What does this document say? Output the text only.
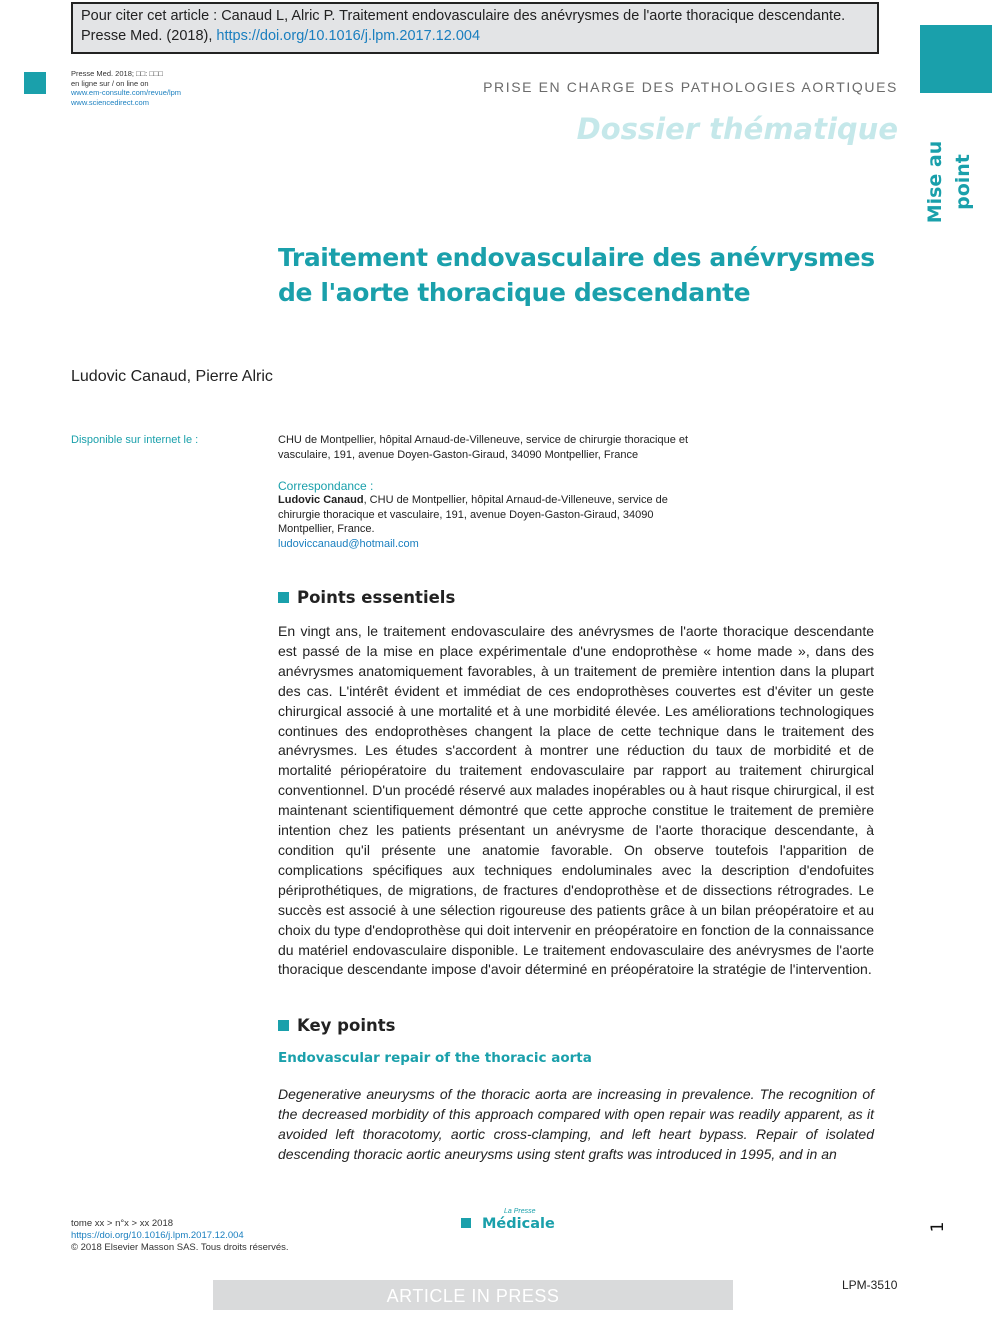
Pour citer cet article : Canaud L, Alric P. Traitement endovasculaire des anévrysmes de l'aorte thoracique descendante. Presse Med. (2018), https://doi.org/10.1016/j.lpm.2017.12.004
Presse Med. 2018; □□: □□□
en ligne sur / on line on
www.em-consulte.com/revue/lpm
www.sciencedirect.com
Mise au point
PRISE EN CHARGE DES PATHOLOGIES AORTIQUES
Dossier thématique
Traitement endovasculaire des anévrysmes de l'aorte thoracique descendante
Ludovic Canaud, Pierre Alric
Disponible sur internet le :	CHU de Montpellier, hôpital Arnaud-de-Villeneuve, service de chirurgie thoracique et vasculaire, 191, avenue Doyen-Gaston-Giraud, 34090 Montpellier, France
Correspondance :
Ludovic Canaud, CHU de Montpellier, hôpital Arnaud-de-Villeneuve, service de chirurgie thoracique et vasculaire, 191, avenue Doyen-Gaston-Giraud, 34090 Montpellier, France.
ludoviccanaud@hotmail.com
Points essentiels
En vingt ans, le traitement endovasculaire des anévrysmes de l'aorte thoracique descendante est passé de la mise en place expérimentale d'une endoprothèse « home made », dans des anévrysmes anatomiquement favorables, à un traitement de première intention dans la plupart des cas. L'intérêt évident et immédiat de ces endoprothèses couvertes est d'éviter un geste chirurgical associé à une mortalité et à une morbidité élevée. Les améliorations technologiques continues des endoprothèses changent la place de cette technique dans le traitement des anévrysmes. Les études s'accordent à montrer une réduction du taux de morbidité et de mortalité périopératoire du traitement endovasculaire par rapport au traitement chirurgical conventionnel. D'un procédé réservé aux malades inopérables ou à haut risque chirurgical, il est maintenant scientifiquement démontré que cette approche constitue le traitement de première intention chez les patients présentant un anévrysme de l'aorte thoracique descendante, à condition qu'il présente une anatomie favorable. On observe toutefois l'apparition de complications spécifiques aux techniques endoluminales avec la description d'endofuites périprothétiques, de migrations, de fractures d'endoprothèse et de dissections rétrogrades. Le succès est associé à une sélection rigoureuse des patients grâce à un bilan préopératoire et au choix du type d'endoprothèse qui doit intervenir en préopératoire en fonction de la connaissance du matériel endovasculaire disponible. Le traitement endovasculaire des anévrysmes de l'aorte thoracique descendante impose d'avoir déterminé en préopératoire la stratégie de l'intervention.
Key points
Endovascular repair of the thoracic aorta
Degenerative aneurysms of the thoracic aorta are increasing in prevalence. The recognition of the decreased morbidity of this approach compared with open repair was readily apparent, as it avoided left thoracotomy, aortic cross-clamping, and left heart bypass. Repair of isolated descending thoracic aortic aneurysms using stent grafts was introduced in 1995, and in an
tome xx > n°x > xx 2018
https://doi.org/10.1016/j.lpm.2017.12.004
© 2018 Elsevier Masson SAS. Tous droits réservés.
La Presse
Médicale	1
ARTICLE IN PRESS
LPM-3510
